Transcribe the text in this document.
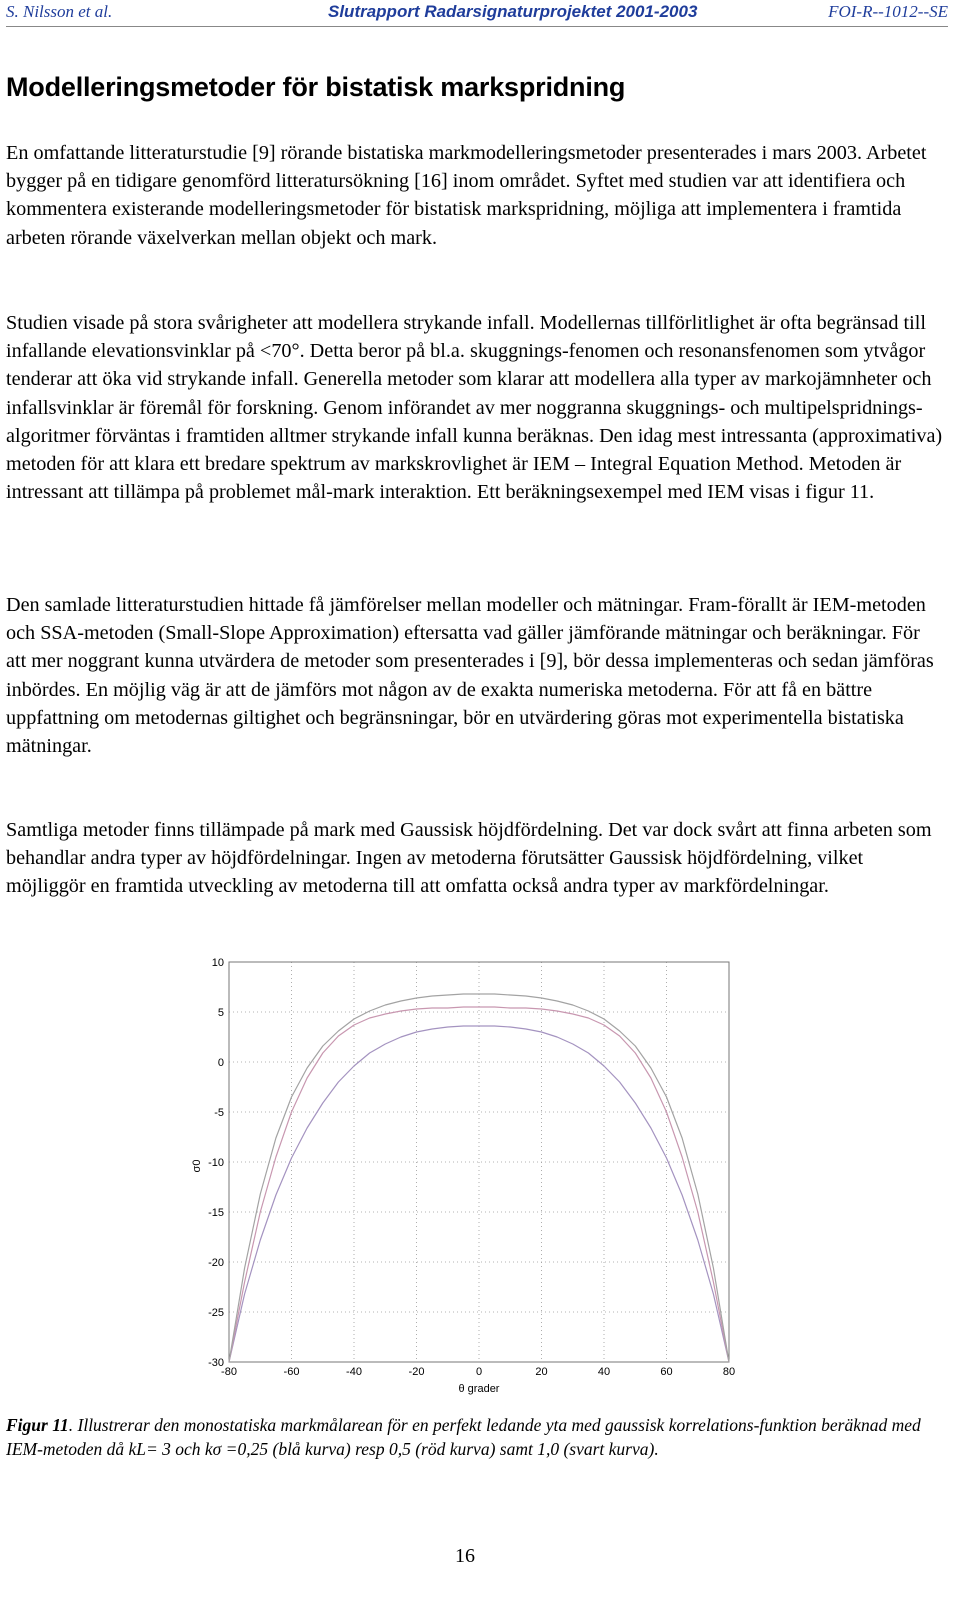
S. Nilsson et al.	Slutrapport Radarsignaturprojektet 2001-2003	FOI-R--1012--SE
Modelleringsmetoder för bistatisk markspridning

En omfattande litteraturstudie [9] rörande bistatiska markmodelleringsmetoder presenterades i mars 2003. Arbetet bygger på en tidigare genomförd litteratursökning [16] inom området. Syftet med studien var att identifiera och kommentera existerande modelleringsmetoder för bistatisk markspridning, möjliga att implementera i framtida arbeten rörande växelverkan mellan objekt och mark.

Studien visade på stora svårigheter att modellera strykande infall. Modellernas tillförlitlighet är ofta begränsad till infallande elevationsvinklar på <70°. Detta beror på bl.a. skuggnings-fenomen och resonansfenomen som ytvågor tenderar att öka vid strykande infall. Generella metoder som klarar att modellera alla typer av markojämnheter och infallsvinklar är föremål för forskning. Genom införandet av mer noggranna skuggnings- och multipelspridnings-algoritmer förväntas i framtiden alltmer strykande infall kunna beräknas. Den idag mest intressanta (approximativa) metoden för att klara ett bredare spektrum av markskrovlighet är IEM – Integral Equation Method. Metoden är intressant att tillämpa på problemet mål-mark interaktion. Ett beräkningsexempel med IEM visas i figur 11.

Den samlade litteraturstudien hittade få jämförelser mellan modeller och mätningar. Fram-förallt är IEM-metoden och SSA-metoden (Small-Slope Approximation) eftersatta vad gäller jämförande mätningar och beräkningar. För att mer noggrant kunna utvärdera de metoder som presenterades i [9], bör dessa implementeras och sedan jämföras inbördes. En möjlig väg är att de jämförs mot någon av de exakta numeriska metoderna. För att få en bättre uppfattning om metodernas giltighet och begränsningar, bör en utvärdering göras mot experimentella bistatiska mätningar.

Samtliga metoder finns tillämpade på mark med Gaussisk höjdfördelning. Det var dock svårt att finna arbeten som behandlar andra typer av höjdfördelningar. Ingen av metoderna förutsätter Gaussisk höjdfördelning, vilket möjliggör en framtida utveckling av metoderna till att omfatta också andra typer av markfördelningar.

10
5
0
-5
-10
-15
-20
-25
-30
-80	-60	-40	-20	0	20	40	60	80
σ0
θ grader

Figur 11. Illustrerar den monostatiska markmålarean för en perfekt ledande yta med gaussisk korrelations-funktion beräknad med IEM-metoden då kL= 3 och kσ =0,25 (blå kurva) resp 0,5 (röd kurva) samt 1,0 (svart kurva).

16
